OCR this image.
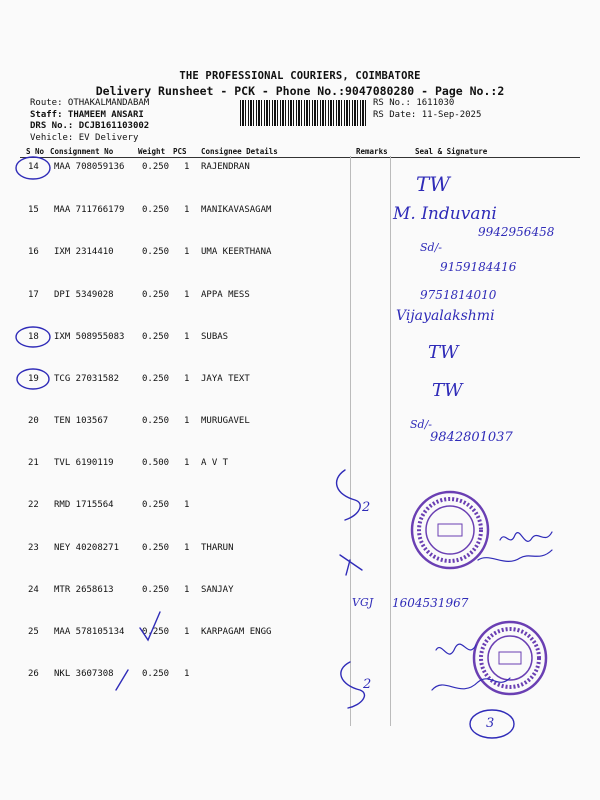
THE PROFESSIONAL COURIERS, COIMBATORE
Delivery Runsheet - PCK - Phone No.:9047080280 - Page No.:2
Route: OTHAKALMANDABAM
Staff: THAMEEM ANSARI
DRS No.: DCJB161103002
Vehicle: EV Delivery
RS No.: 1611030
RS Date: 11-Sep-2025
S No Consignment No	Weight PCS Consignee Details	Remarks	Seal & Signature
14 MAA 708059136 0.250 1 RAJENDRAN
15 MAA 711766179 0.250 1 MANIKAVASAGAM
16 IXM 2314410	0.250 1 UMA KEERTHANA
17 DPI 5349028	0.250 1 APPA MESS
18 IXM 508955083 0.250 1 SUBAS
19 TCG 27031582	0.250 1 JAYA TEXT
20 TEN 103567	0.250 1 MURUGAVEL
21 TVL 6190119	0.500 1 A V T
22 RMD 1715564	0.250 1
23 NEY 40208271	0.250 1 THARUN
24 MTR 2658613	0.250 1 SANJAY
25 MAA 578105134 0.250 1 KARPAGAM ENGG
26 NKL 3607308	0.250 1
TW
M. Induvani
9942956458
Sd/-
9159184416
9751814010
Vijayalakshmi
TW
TW
Sd/-
9842801037
2
VGJ 1604531967
2
3
